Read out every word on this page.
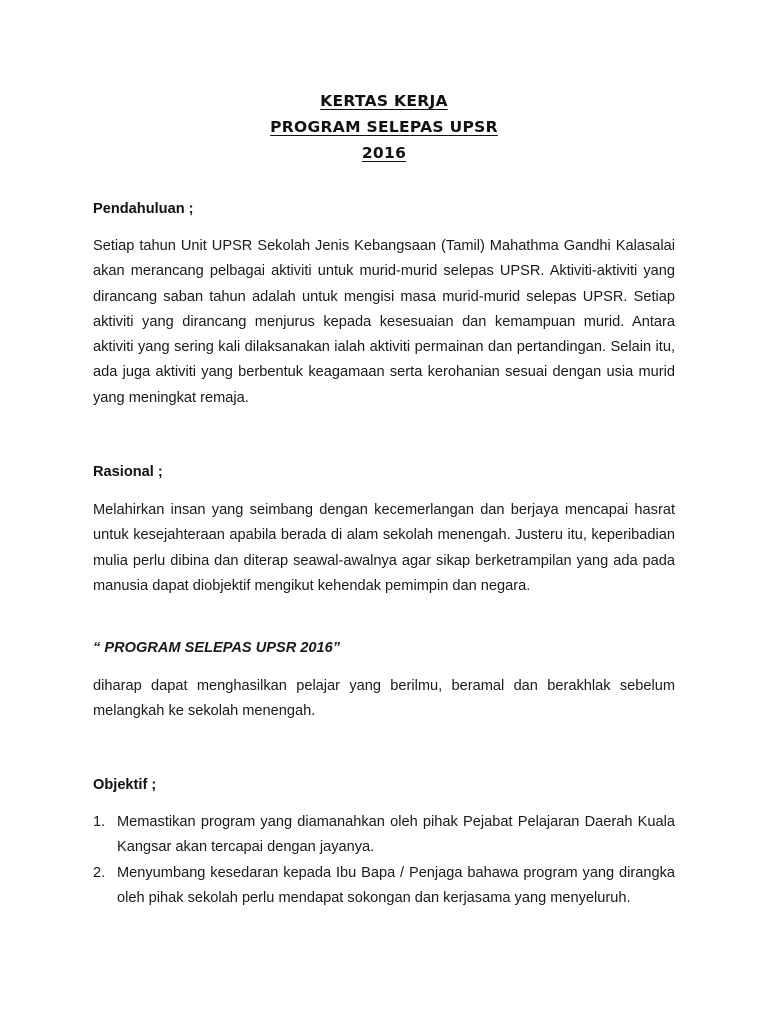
KERTAS KERJA
PROGRAM SELEPAS UPSR
2016

Pendahuluan ;

Setiap tahun Unit UPSR Sekolah Jenis Kebangsaan (Tamil) Mahathma Gandhi Kalasalai akan merancang pelbagai aktiviti untuk murid-murid selepas UPSR. Aktiviti-aktiviti yang dirancang saban tahun adalah untuk mengisi masa murid-murid selepas UPSR. Setiap aktiviti yang dirancang menjurus kepada kesesuaian dan kemampuan murid. Antara aktiviti yang sering kali dilaksanakan ialah aktiviti permainan dan pertandingan. Selain itu, ada juga aktiviti yang berbentuk keagamaan serta kerohanian sesuai dengan usia murid yang meningkat remaja.

Rasional ;

Melahirkan insan yang seimbang dengan kecemerlangan dan berjaya mencapai hasrat untuk kesejahteraan apabila berada di alam sekolah menengah. Justeru itu, keperibadian mulia perlu dibina dan diterap seawal-awalnya agar sikap berketrampilan yang ada pada manusia dapat diobjektif mengikut kehendak pemimpin dan negara.

“ PROGRAM SELEPAS UPSR 2016”

diharap dapat menghasilkan pelajar yang berilmu, beramal dan berakhlak sebelum melangkah ke sekolah menengah.

Objektif ;

1. Memastikan program yang diamanahkan oleh pihak Pejabat Pelajaran Daerah Kuala Kangsar akan tercapai dengan jayanya.
2. Menyumbang kesedaran kepada Ibu Bapa / Penjaga bahawa program yang dirangka oleh pihak sekolah perlu mendapat sokongan dan kerjasama yang menyeluruh.
